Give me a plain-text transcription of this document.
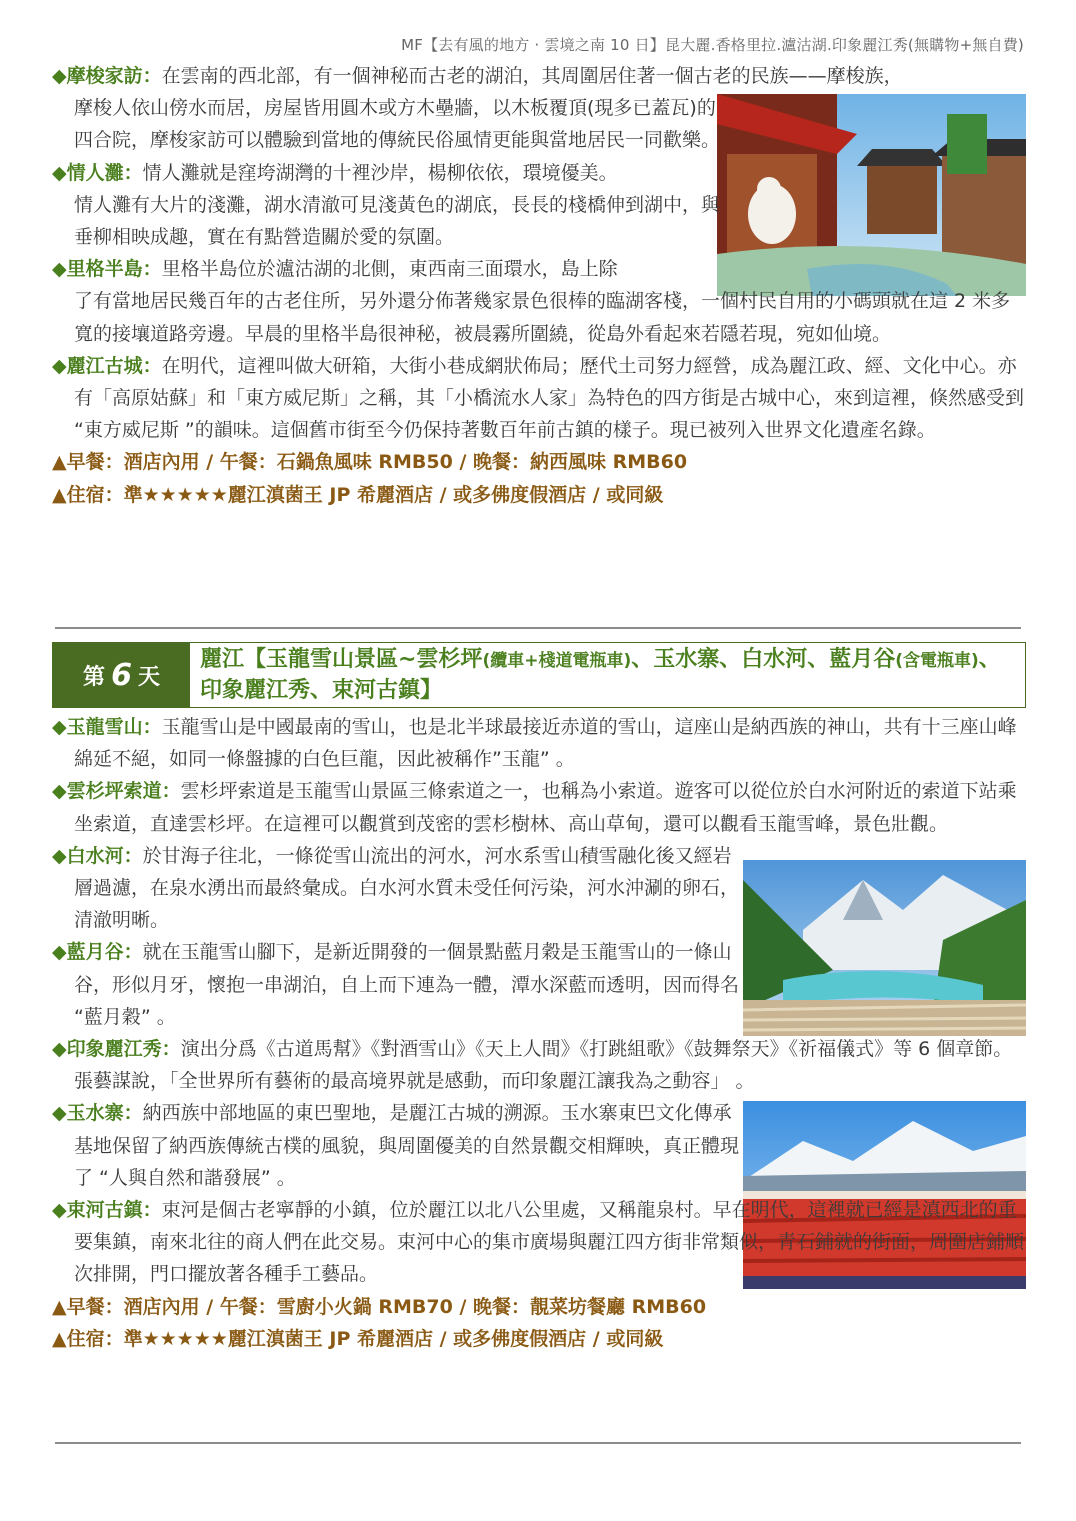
MF【去有風的地方 · 雲境之南 10 日】昆大麗.香格里拉.瀘沽湖.印象麗江秀(無購物+無自費)

◆摩梭家訪：在雲南的西北部，有一個神秘而古老的湖泊，其周圍居住著一個古老的民族——摩梭族，

摩梭人依山傍水而居，房屋皆用圓木或方木壘牆，以木板覆頂(現多已蓋瓦)的四合院，摩梭家訪可以體驗到當地的傳統民俗風情更能與當地居民一同歡樂。

◆情人灘：情人灘就是窪垮湖灣的十裡沙岸，楊柳依依，環境優美。

情人灘有大片的淺灘，湖水清澈可見淺黃色的湖底，長長的棧橋伸到湖中，與垂柳相映成趣，實在有點營造關於愛的氛圍。

◆里格半島：里格半島位於瀘沽湖的北側，東西南三面環水，島上除

了有當地居民幾百年的古老住所，另外還分佈著幾家景色很棒的臨湖客棧，一個村民自用的小碼頭就在這 2 米多寬的接壤道路旁邊。早晨的里格半島很神秘，被晨霧所圍繞，從島外看起來若隱若現，宛如仙境。

◆麗江古城：在明代，這裡叫做大研箱，大街小巷成網狀佈局；歷代土司努力經營，成為麗江政、經、文化中心。亦有「高原姑蘇」和「東方威尼斯」之稱，其「小橋流水人家」為特色的四方街是古城中心，來到這裡，倏然感受到 “東方威尼斯 ”的韻味。這個舊市街至今仍保持著數百年前古鎮的樣子。現已被列入世界文化遺產名錄。

▲早餐：酒店內用 / 午餐：石鍋魚風味 RMB50 / 晚餐：納西風味 RMB60

▲住宿：準★★★★★麗江滇菌王 JP 希麗酒店 / 或多佛度假酒店 / 或同級

第 6 天
麗江【玉龍雪山景區~雲杉坪(纜車+棧道電瓶車)、玉水寨、白水河、藍月谷(含電瓶車)、印象麗江秀、束河古鎮】

◆玉龍雪山：玉龍雪山是中國最南的雪山，也是北半球最接近赤道的雪山，這座山是納西族的神山，共有十三座山峰綿延不絕，如同一條盤據的白色巨龍，因此被稱作”玉龍” 。

◆雲杉坪索道：雲杉坪索道是玉龍雪山景區三條索道之一，也稱為小索道。遊客可以從位於白水河附近的索道下站乘坐索道，直達雲杉坪。在這裡可以觀賞到茂密的雲杉樹林、高山草甸，還可以觀看玉龍雪峰，景色壯觀。

◆白水河：於甘海子往北，一條從雪山流出的河水，河水系雪山積雪融化後又經岩層過濾，在泉水湧出而最終彙成。白水河水質未受任何污染，河水沖涮的卵石，清澈明晰。

◆藍月谷：就在玉龍雪山腳下，是新近開發的一個景點藍月穀是玉龍雪山的一條山谷，形似月牙，懷抱一串湖泊，自上而下連為一體，潭水深藍而透明，因而得名 “藍月穀” 。

◆印象麗江秀：演出分爲《古道馬幫》《對酒雪山》《天上人間》《打跳組歌》《鼓舞祭天》《祈福儀式》等 6 個章節。張藝謀說，「全世界所有藝術的最高境界就是感動，而印象麗江讓我為之動容」 。

◆玉水寨：納西族中部地區的東巴聖地，是麗江古城的溯源。玉水寨東巴文化傳承基地保留了納西族傳統古樸的風貌，與周圍優美的自然景觀交相輝映，真正體現了 “人與自然和諧發展” 。

◆束河古鎮：束河是個古老寧靜的小鎮，位於麗江以北八公里處，又稱龍泉村。早在明代，這裡就已經是滇西北的重要集鎮，南來北往的商人們在此交易。束河中心的集市廣場與麗江四方街非常類似，青石鋪就的街面，周圍店鋪順次排開，門口擺放著各種手工藝品。

▲早餐：酒店內用 / 午餐：雪廚小火鍋 RMB70 / 晚餐：靚菜坊餐廳 RMB60

▲住宿：準★★★★★麗江滇菌王 JP 希麗酒店 / 或多佛度假酒店 / 或同級
